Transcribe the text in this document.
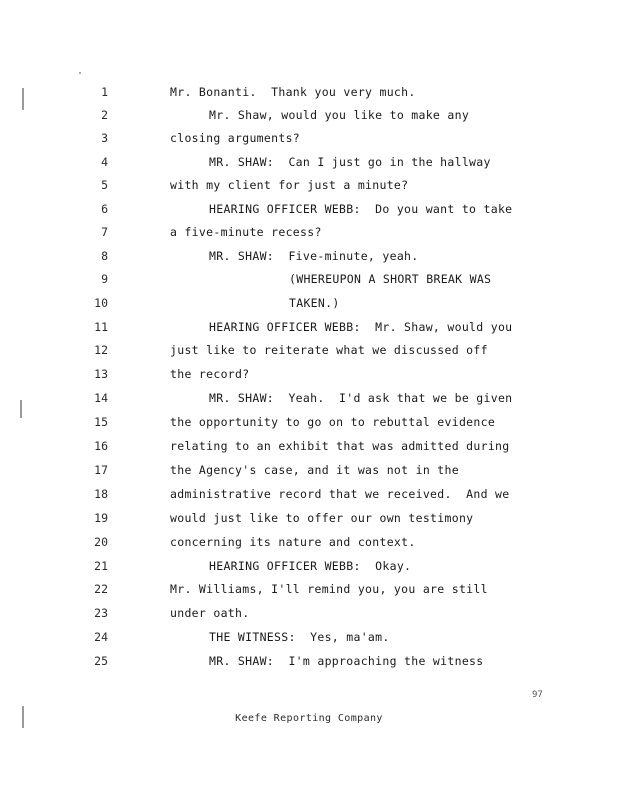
1	Mr. Bonanti.  Thank you very much.
2	Mr. Shaw, would you like to make any
3	closing arguments?
4	MR. SHAW:  Can I just go in the hallway
5	with my client for just a minute?
6	HEARING OFFICER WEBB:  Do you want to take
7	a five-minute recess?
8	MR. SHAW:  Five-minute, yeah.
9	(WHEREUPON A SHORT BREAK WAS
10	TAKEN.)
11	HEARING OFFICER WEBB:  Mr. Shaw, would you
12	just like to reiterate what we discussed off
13	the record?
14	MR. SHAW:  Yeah.  I'd ask that we be given
15	the opportunity to go on to rebuttal evidence
16	relating to an exhibit that was admitted during
17	the Agency's case, and it was not in the
18	administrative record that we received.  And we
19	would just like to offer our own testimony
20	concerning its nature and context.
21	HEARING OFFICER WEBB:  Okay.
22	Mr. Williams, I'll remind you, you are still
23	under oath.
24	THE WITNESS:  Yes, ma'am.
25	MR. SHAW:  I'm approaching the witness
97
Keefe Reporting Company
